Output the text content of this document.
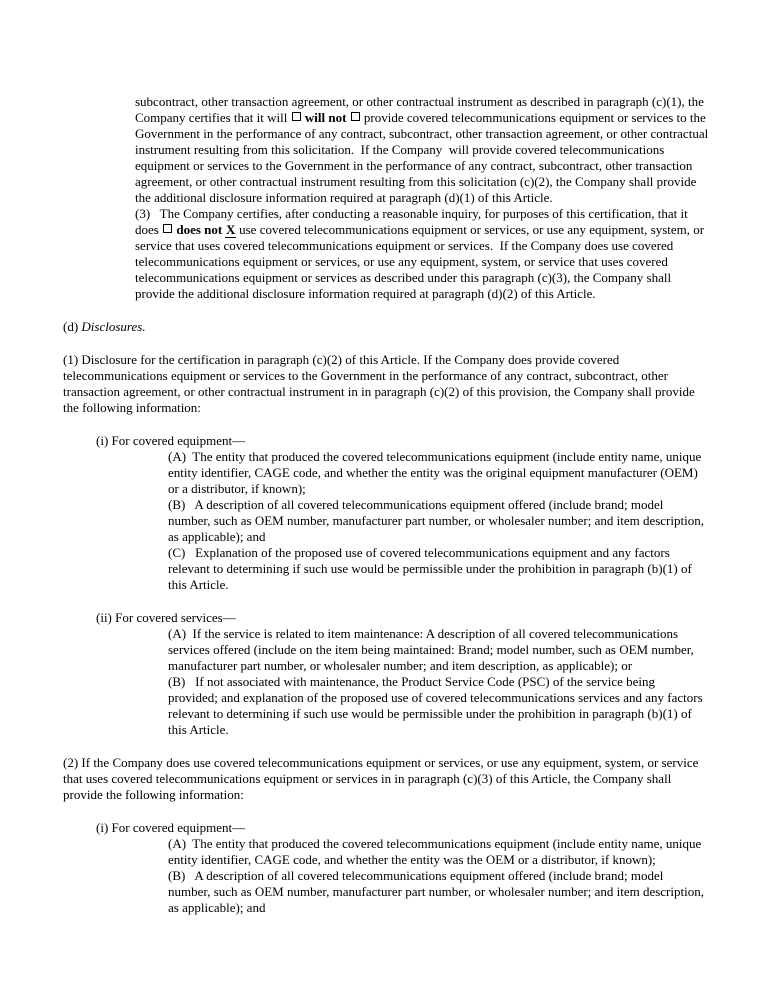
subcontract, other transaction agreement, or other contractual instrument as described in paragraph (c)(1), the Company certifies that it will  will not  provide covered telecommunications equipment or services to the Government in the performance of any contract, subcontract, other transaction agreement, or other contractual instrument resulting from this solicitation.  If the Company  will provide covered telecommunications equipment or services to the Government in the performance of any contract, subcontract, other transaction agreement, or other contractual instrument resulting from this solicitation (c)(2), the Company shall provide the additional disclosure information required at paragraph (d)(1) of this Article.

(3)   The Company certifies, after conducting a reasonable inquiry, for purposes of this certification, that it does  does not X use covered telecommunications equipment or services, or use any equipment, system, or service that uses covered telecommunications equipment or services.  If the Company does use covered telecommunications equipment or services, or use any equipment, system, or service that uses covered telecommunications equipment or services as described under this paragraph (c)(3), the Company shall provide the additional disclosure information required at paragraph (d)(2) of this Article.

(d) Disclosures.

(1) Disclosure for the certification in paragraph (c)(2) of this Article. If the Company does provide covered telecommunications equipment or services to the Government in the performance of any contract, subcontract, other transaction agreement, or other contractual instrument in in paragraph (c)(2) of this provision, the Company shall provide the following information:

(i) For covered equipment—

(A)  The entity that produced the covered telecommunications equipment (include entity name, unique entity identifier, CAGE code, and whether the entity was the original equipment manufacturer (OEM) or a distributor, if known);

(B)   A description of all covered telecommunications equipment offered (include brand; model number, such as OEM number, manufacturer part number, or wholesaler number; and item description, as applicable); and

(C)   Explanation of the proposed use of covered telecommunications equipment and any factors relevant to determining if such use would be permissible under the prohibition in paragraph (b)(1) of this Article.

(ii) For covered services—

(A)  If the service is related to item maintenance: A description of all covered telecommunications services offered (include on the item being maintained: Brand; model number, such as OEM number, manufacturer part number, or wholesaler number; and item description, as applicable); or

(B)   If not associated with maintenance, the Product Service Code (PSC) of the service being provided; and explanation of the proposed use of covered telecommunications services and any factors relevant to determining if such use would be permissible under the prohibition in paragraph (b)(1) of this Article.

(2) If the Company does use covered telecommunications equipment or services, or use any equipment, system, or service that uses covered telecommunications equipment or services in in paragraph (c)(3) of this Article, the Company shall provide the following information:

(i) For covered equipment—

(A)  The entity that produced the covered telecommunications equipment (include entity name, unique entity identifier, CAGE code, and whether the entity was the OEM or a distributor, if known);

(B)   A description of all covered telecommunications equipment offered (include brand; model number, such as OEM number, manufacturer part number, or wholesaler number; and item description, as applicable); and
